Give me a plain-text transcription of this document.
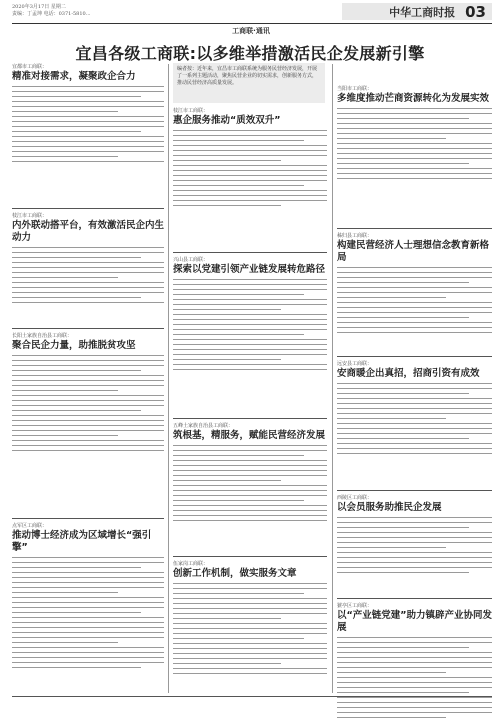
2020年3月17日 星期二
责编：丁孟坤 电话：0371-5810...	中华工商时报 03
工商联·通讯
宜昌各级工商联:以多维举措激活民企发展新引擎
编者按：近年来，宜昌市工商联系统为服务民营经济发展，开展了一系列主题活动，聚焦民营企业的切实需求，创新服务方式，推动民营经济高质量发展。
宜都市工商联：
精准对接需求，凝聚政企合力
枝江市工商联：
内外联动搭平台，有效激活民企内生动力
长阳土家族自治县工商联：
聚合民企力量，助推脱贫攻坚
点军区工商联：
推动博士经济成为区域增长“强引擎”
枝江市工商联：
惠企服务推动“质效双升”
兴山县工商联：
探索以党建引领产业链发展转危路径
五峰土家族自治县工商联：
筑根基，精服务，赋能民营经济发展
伍家岗工商联：
创新工作机制，做实服务文章
当阳市工商联：
多维度推动芒商资源转化为发展实效
秭归县工商联：
构建民营经济人士理想信念教育新格局
远安县工商联：
安商暖企出真招，招商引资有成效
西陵区工商联：
以会员服务助推民企发展
猇亭区工商联：
以“产业链党建”助力镇辟产业协同发展
